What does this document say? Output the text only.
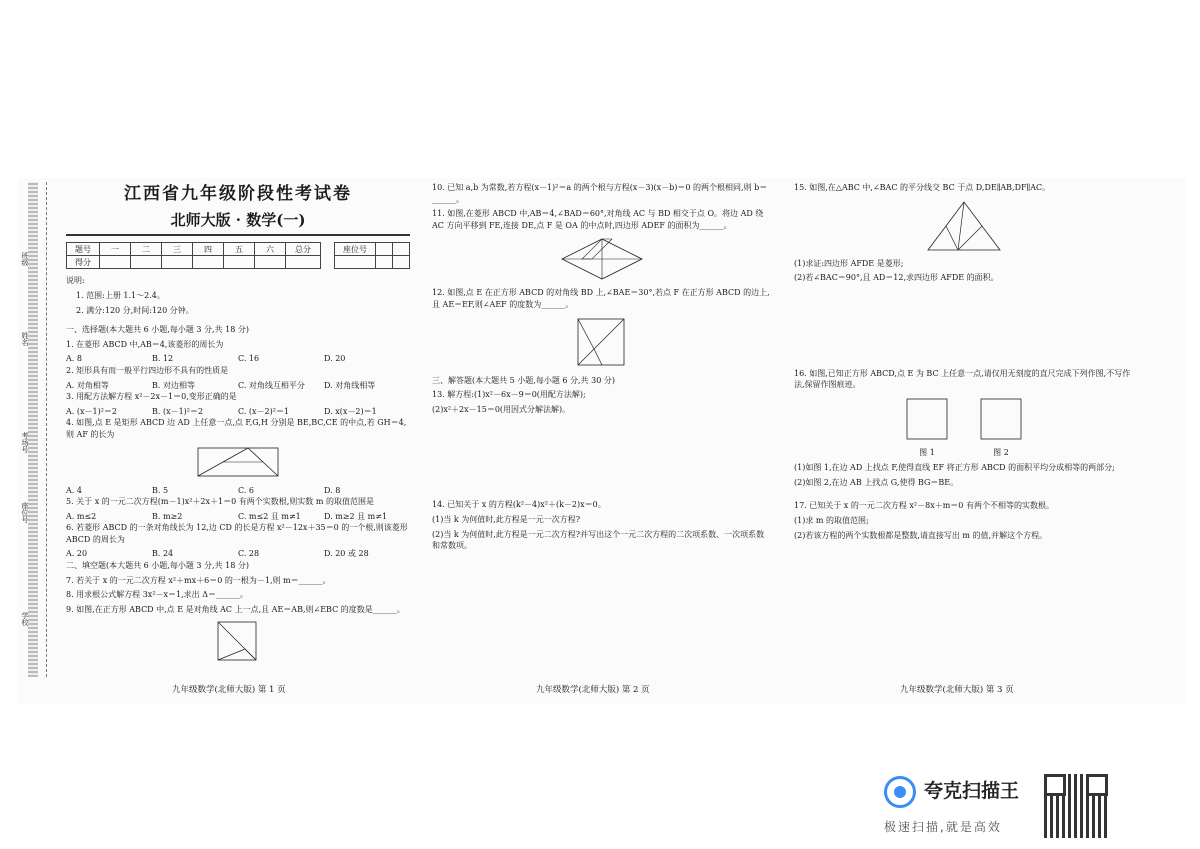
班级
姓名
考场号
座位号
学校

江西省九年级阶段性考试卷

北师大版 · 数学(一)

题号	一	二	三	四	五	六	总分
得分							
座位号		

说明:

1. 范围:上册 1.1～2.4。

2. 满分:120 分,时间:120 分钟。

一、选择题(本大题共 6 小题,每小题 3 分,共 18 分)

1. 在菱形 ABCD 中,AB＝4,该菱形的周长为

A. 8	B. 12	C. 16	D. 20

2. 矩形具有而一般平行四边形不具有的性质是

A. 对角相等	B. 对边相等	C. 对角线互相平分	D. 对角线相等

3. 用配方法解方程 x²－2x－1＝0,变形正确的是

A. (x－1)²＝2	B. (x－1)²＝2	C. (x－2)²＝1	D. x(x－2)＝1

4. 如图,点 E 是矩形 ABCD 边 AD 上任意一点,点 F,G,H 分别是 BE,BC,CE 的中点,若 GH＝4,则 AF 的长为

A. 4	B. 5	C. 6	D. 8

5. 关于 x 的一元二次方程(m－1)x²＋2x＋1＝0 有两个实数根,则实数 m 的取值范围是

A. m≤2	B. m≥2	C. m≤2 且 m≠1	D. m≥2 且 m≠1

6. 若菱形 ABCD 的一条对角线长为 12,边 CD 的长是方程 x²－12x＋35＝0 的一个根,则该菱形 ABCD 的周长为

A. 20	B. 24	C. 28	D. 20 或 28

二、填空题(本大题共 6 小题,每小题 3 分,共 18 分)

7. 若关于 x 的一元二次方程 x²＋mx＋6＝0 的一根为－1,则 m＝______。

8. 用求根公式解方程 3x²－x＝1,求出 Δ＝______。

9. 如图,在正方形 ABCD 中,点 E 是对角线 AC 上一点,且 AE＝AB,则∠EBC 的度数是______。

九年级数学(北师大版) 第 1 页

10. 已知 a,b 为常数,若方程(x－1)²＝a 的两个根与方程(x－3)(x－b)＝0 的两个根相同,则 b＝______。

11. 如图,在菱形 ABCD 中,AB＝4,∠BAD＝60°,对角线 AC 与 BD 相交于点 O。将边 AD 绕 AC 方向平移到 FE,连接 DE,点 F 是 OA 的中点时,四边形 ADEF 的面积为______。

12. 如图,点 E 在正方形 ABCD 的对角线 BD 上,∠BAE＝30°,若点 F 在正方形 ABCD 的边上,且 AE＝EF,则∠AEF 的度数为______。

三、解答题(本大题共 5 小题,每小题 6 分,共 30 分)

13. 解方程:(1)x²－6x－9＝0(用配方法解);

(2)x²＋2x－15＝0(用因式分解法解)。

14. 已知关于 x 的方程(k²－4)x²＋(k－2)x＝0。

(1)当 k 为何值时,此方程是一元一次方程?

(2)当 k 为何值时,此方程是一元二次方程?并写出这个一元二次方程的二次项系数、一次项系数和常数项。

九年级数学(北师大版) 第 2 页

15. 如图,在△ABC 中,∠BAC 的平分线交 BC 于点 D,DE∥AB,DF∥AC。

(1)求证:四边形 AFDE 是菱形;

(2)若∠BAC＝90°,且 AD＝12,求四边形 AFDE 的面积。

16. 如图,已知正方形 ABCD,点 E 为 BC 上任意一点,请仅用无刻度的直尺完成下列作图,不写作法,保留作图痕迹。

图 1	图 2

(1)如图 1,在边 AD 上找点 F,使得直线 EF 将正方形 ABCD 的面积平均分成相等的两部分;

(2)如图 2,在边 AB 上找点 G,使得 BG＝BE。

17. 已知关于 x 的一元二次方程 x²－8x＋m＝0 有两个不相等的实数根。

(1)求 m 的取值范围;

(2)若该方程的两个实数根都是整数,请直接写出 m 的值,并解这个方程。

九年级数学(北师大版) 第 3 页
夸克扫描王
极速扫描,就是高效
